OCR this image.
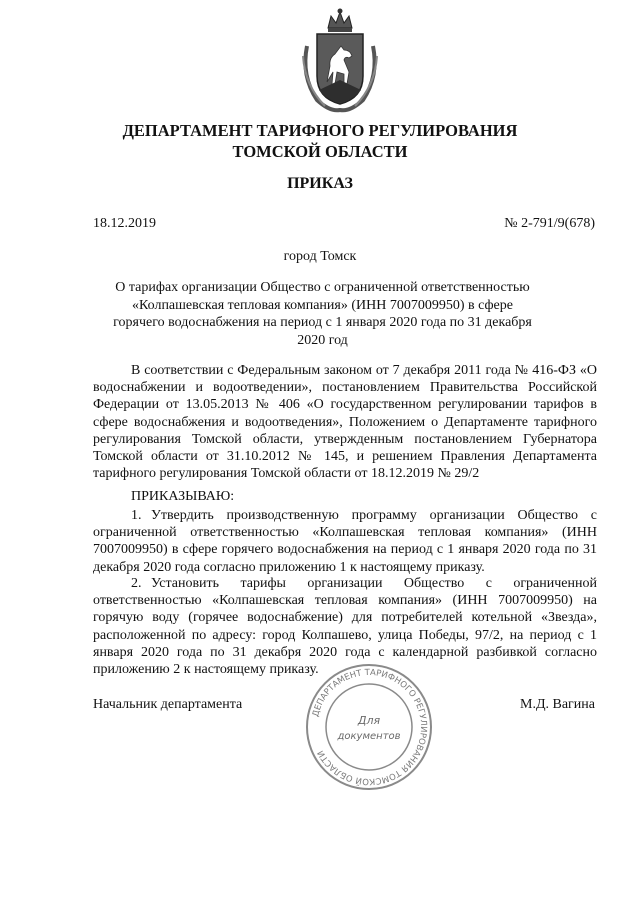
ДЕПАРТАМЕНТ ТАРИФНОГО РЕГУЛИРОВАНИЯ
ТОМСКОЙ ОБЛАСТИ
ПРИКАЗ
18.12.2019	№ 2-791/9(678)
город Томск
О тарифах организации Общество с ограниченной ответственностью «Колпашевская тепловая компания» (ИНН 7007009950) в сфере горячего водоснабжения на период с 1 января 2020 года по 31 декабря 2020 год
В соответствии с Федеральным законом от 7 декабря 2011 года № 416-ФЗ «О водоснабжении и водоотведении», постановлением Правительства Российской Федерации от 13.05.2013 № 406 «О государственном регулировании тарифов в сфере водоснабжения и водоотведения», Положением о Департаменте тарифного регулирования Томской области, утвержденным постановлением Губернатора Томской области от 31.10.2012 № 145, и решением Правления Департамента тарифного регулирования Томской области от 18.12.2019 № 29/2
ПРИКАЗЫВАЮ:
1. Утвердить производственную программу организации Общество с ограниченной ответственностью «Колпашевская тепловая компания» (ИНН 7007009950) в сфере горячего водоснабжения на период с 1 января 2020 года по 31 декабря 2020 года согласно приложению 1 к настоящему приказу.
2. Установить тарифы организации Общество с ограниченной ответственностью «Колпашевская тепловая компания» (ИНН 7007009950) на горячую воду (горячее водоснабжение) для потребителей котельной «Звезда», расположенной по адресу: город Колпашево, улица Победы, 97/2, на период с 1 января 2020 года по 31 декабря 2020 года с календарной разбивкой согласно приложению 2 к настоящему приказу.
Начальник департамента	М.Д. Вагина
ДЕПАРТАМЕНТ ТАРИФНОГО РЕГУЛИРОВАНИЯ ТОМСКОЙ ОБЛАСТИ
Для
документов
